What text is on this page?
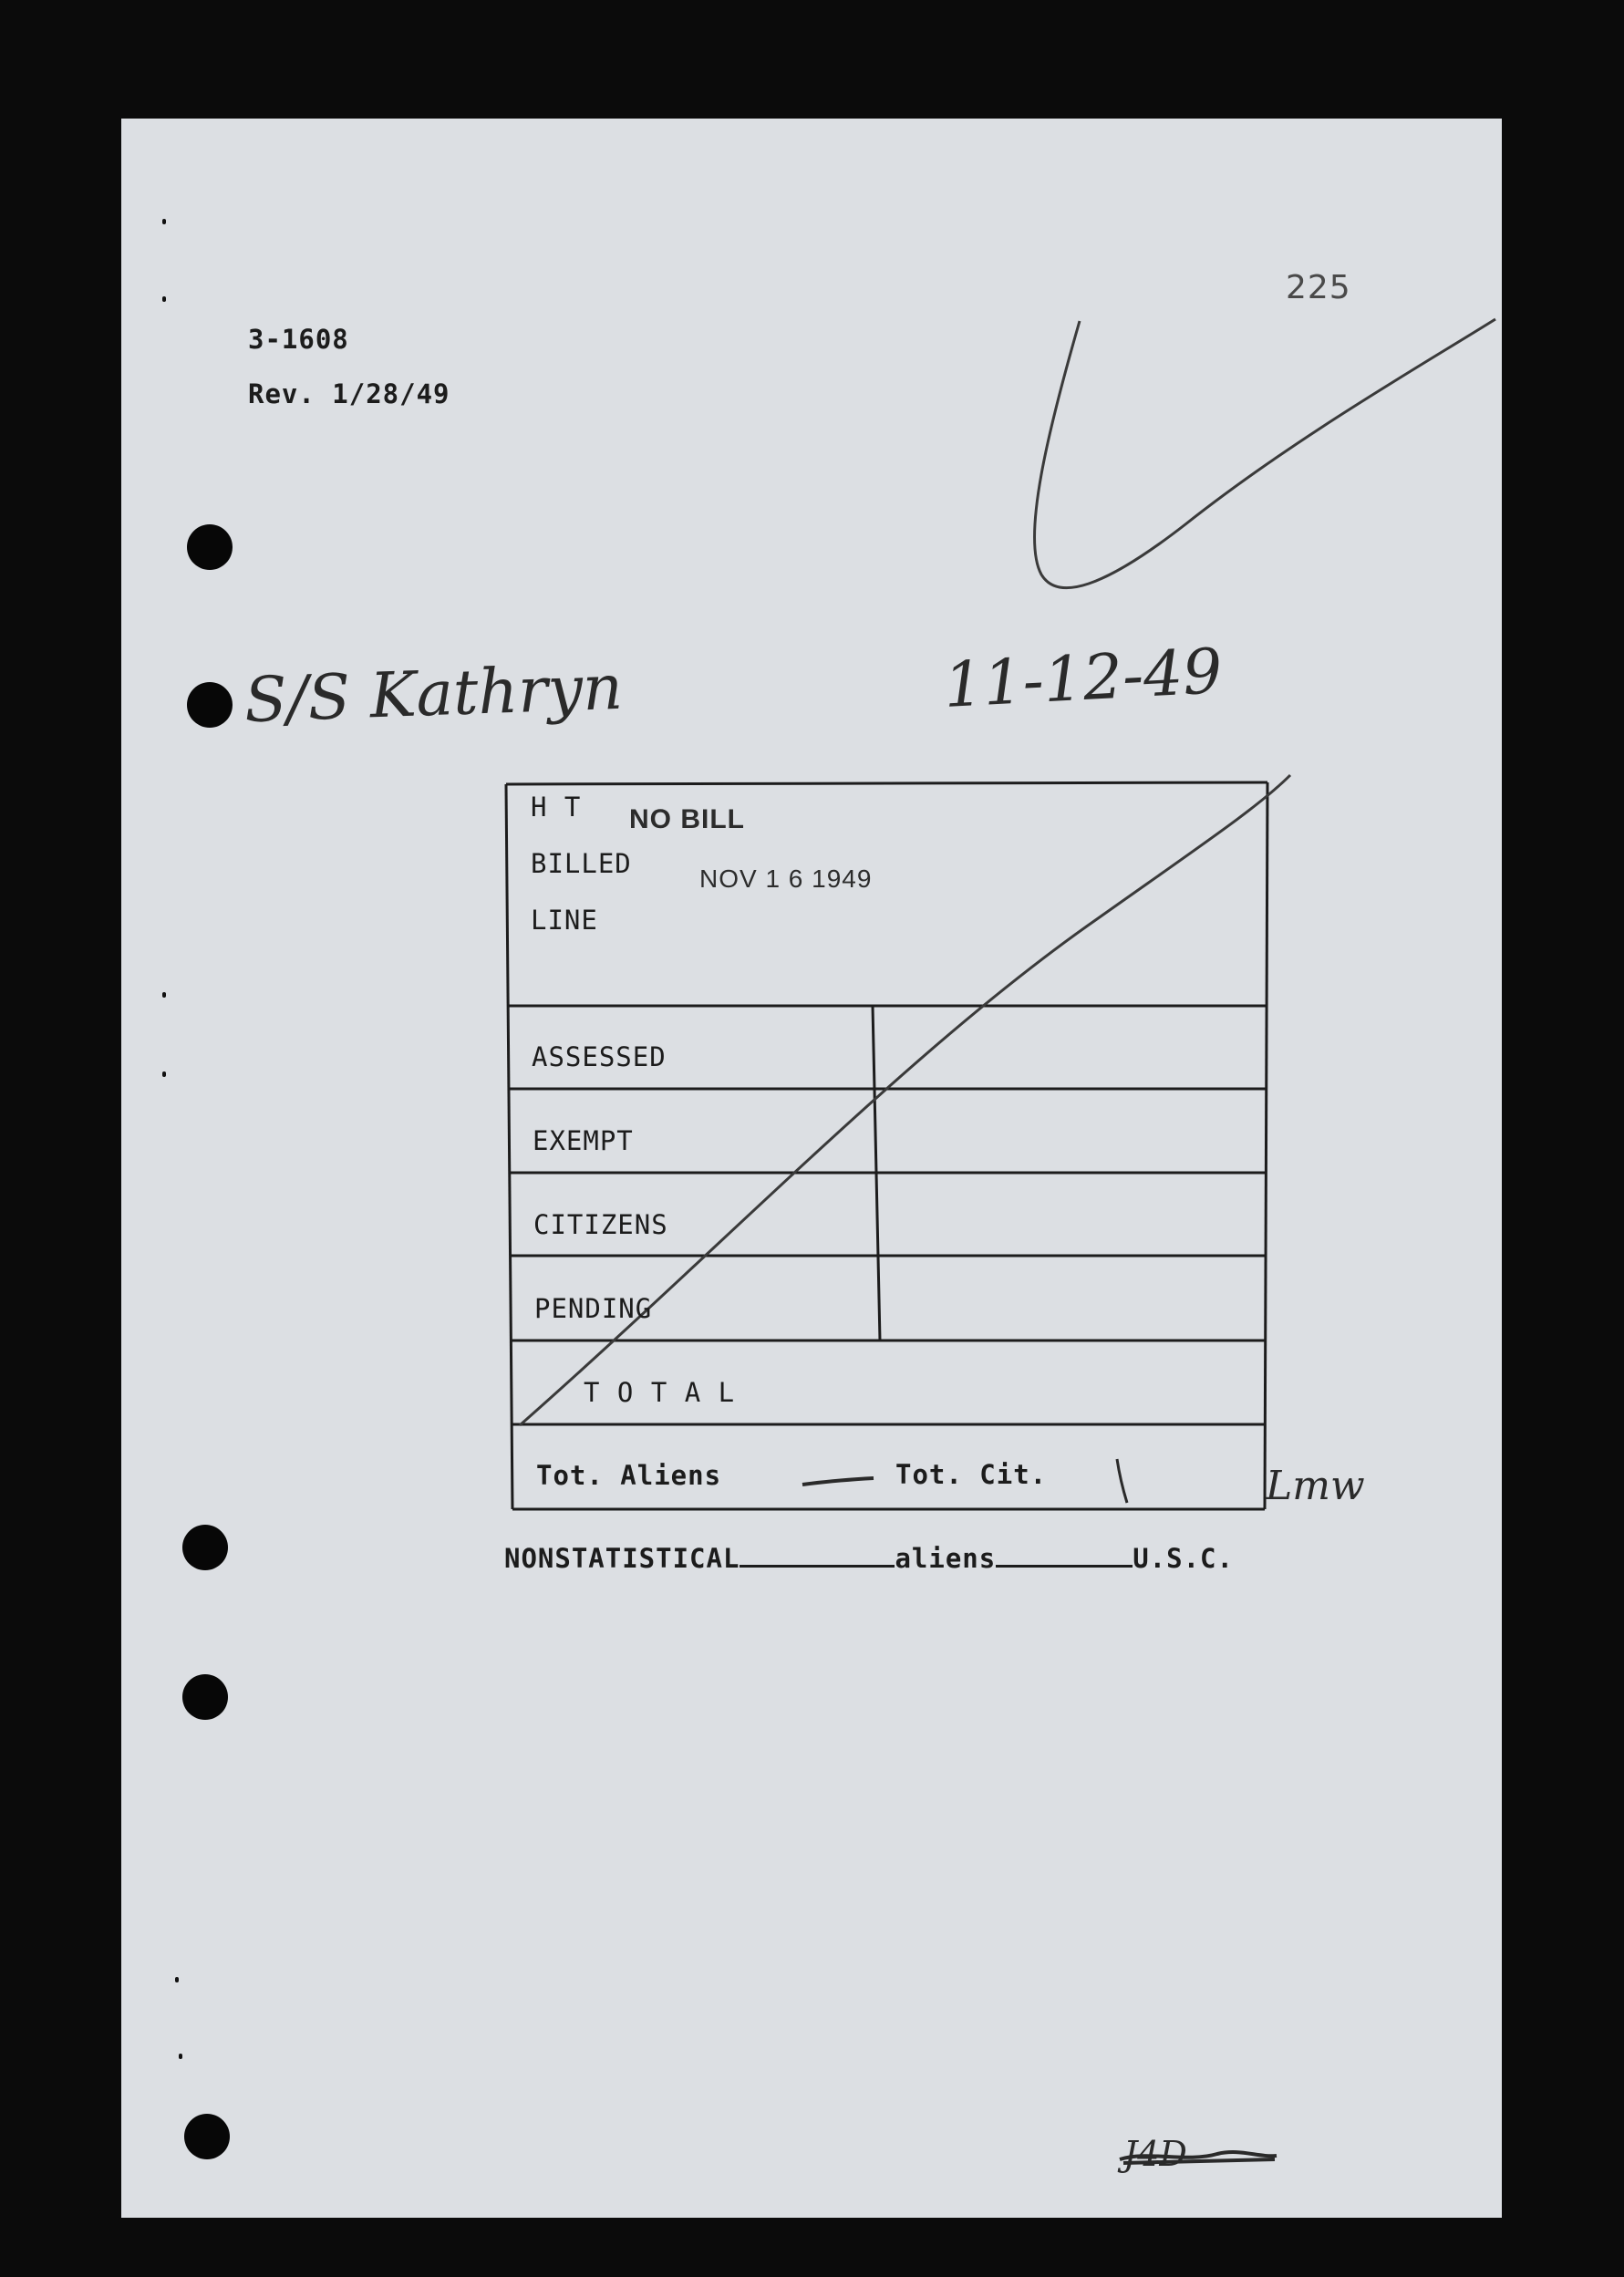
3-1608
Rev. 1/28/49
225
S/S Kathryn	11-12-49
H T
BILLED
LINE
NO BILL
NOV 1 6 1949
ASSESSED
EXEMPT
CITIZENS
PENDING
T O T A L
Tot. Aliens	Tot. Cit.	Lmw
NONSTATISTICAL	aliens	U.S.C.
J4D
